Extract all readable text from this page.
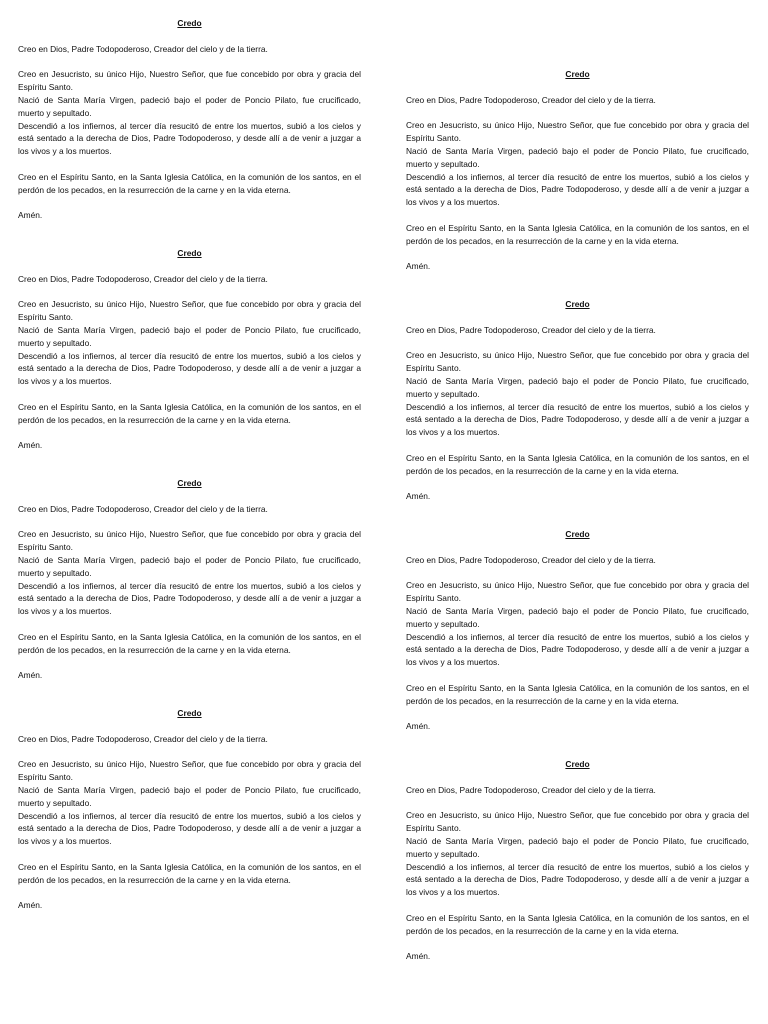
Credo
Creo en Dios, Padre Todopoderoso, Creador del cielo y de la tierra.
Creo en Jesucristo, su único Hijo, Nuestro Señor, que fue concebido por obra y gracia del Espíritu Santo.
Nació de Santa María Virgen, padeció bajo el poder de Poncio Pilato, fue crucificado, muerto y sepultado.
Descendió a los infiernos, al tercer día resucitó de entre los muertos, subió a los cielos y está sentado a la derecha de Dios, Padre Todopoderoso, y desde allí a de venir a juzgar a los vivos y a los muertos.
Creo en el Espíritu Santo, en la Santa Iglesia Católica, en la comunión de los santos, en el perdón de los pecados, en la resurrección de la carne y en la vida eterna.
Amén.
Credo
Creo en Dios, Padre Todopoderoso, Creador del cielo y de la tierra.
Creo en Jesucristo, su único Hijo, Nuestro Señor, que fue concebido por obra y gracia del Espíritu Santo.
Nació de Santa María Virgen, padeció bajo el poder de Poncio Pilato, fue crucificado, muerto y sepultado.
Descendió a los infiernos, al tercer día resucitó de entre los muertos, subió a los cielos y está sentado a la derecha de Dios, Padre Todopoderoso, y desde allí a de venir a juzgar a los vivos y a los muertos.
Creo en el Espíritu Santo, en la Santa Iglesia Católica, en la comunión de los santos, en el perdón de los pecados, en la resurrección de la carne y en la vida eterna.
Amén.
Credo
Creo en Dios, Padre Todopoderoso, Creador del cielo y de la tierra.
Creo en Jesucristo, su único Hijo, Nuestro Señor, que fue concebido por obra y gracia del Espíritu Santo.
Nació de Santa María Virgen, padeció bajo el poder de Poncio Pilato, fue crucificado, muerto y sepultado.
Descendió a los infiernos, al tercer día resucitó de entre los muertos, subió a los cielos y está sentado a la derecha de Dios, Padre Todopoderoso, y desde allí a de venir a juzgar a los vivos y a los muertos.
Creo en el Espíritu Santo, en la Santa Iglesia Católica, en la comunión de los santos, en el perdón de los pecados, en la resurrección de la carne y en la vida eterna.
Amén.
Credo
Creo en Dios, Padre Todopoderoso, Creador del cielo y de la tierra.
Creo en Jesucristo, su único Hijo, Nuestro Señor, que fue concebido por obra y gracia del Espíritu Santo.
Nació de Santa María Virgen, padeció bajo el poder de Poncio Pilato, fue crucificado, muerto y sepultado.
Descendió a los infiernos, al tercer día resucitó de entre los muertos, subió a los cielos y está sentado a la derecha de Dios, Padre Todopoderoso, y desde allí a de venir a juzgar a los vivos y a los muertos.
Creo en el Espíritu Santo, en la Santa Iglesia Católica, en la comunión de los santos, en el perdón de los pecados, en la resurrección de la carne y en la vida eterna.
Amén.
Credo
Creo en Dios, Padre Todopoderoso, Creador del cielo y de la tierra.
Creo en Jesucristo, su único Hijo, Nuestro Señor, que fue concebido por obra y gracia del Espíritu Santo.
Nació de Santa María Virgen, padeció bajo el poder de Poncio Pilato, fue crucificado, muerto y sepultado.
Descendió a los infiernos, al tercer día resucitó de entre los muertos, subió a los cielos y está sentado a la derecha de Dios, Padre Todopoderoso, y desde allí a de venir a juzgar a los vivos y a los muertos.
Creo en el Espíritu Santo, en la Santa Iglesia Católica, en la comunión de los santos, en el perdón de los pecados, en la resurrección de la carne y en la vida eterna.
Amén.
Credo
Creo en Dios, Padre Todopoderoso, Creador del cielo y de la tierra.
Creo en Jesucristo, su único Hijo, Nuestro Señor, que fue concebido por obra y gracia del Espíritu Santo.
Nació de Santa María Virgen, padeció bajo el poder de Poncio Pilato, fue crucificado, muerto y sepultado.
Descendió a los infiernos, al tercer día resucitó de entre los muertos, subió a los cielos y está sentado a la derecha de Dios, Padre Todopoderoso, y desde allí a de venir a juzgar a los vivos y a los muertos.
Creo en el Espíritu Santo, en la Santa Iglesia Católica, en la comunión de los santos, en el perdón de los pecados, en la resurrección de la carne y en la vida eterna.
Amén.
Credo
Creo en Dios, Padre Todopoderoso, Creador del cielo y de la tierra.
Creo en Jesucristo, su único Hijo, Nuestro Señor, que fue concebido por obra y gracia del Espíritu Santo.
Nació de Santa María Virgen, padeció bajo el poder de Poncio Pilato, fue crucificado, muerto y sepultado.
Descendió a los infiernos, al tercer día resucitó de entre los muertos, subió a los cielos y está sentado a la derecha de Dios, Padre Todopoderoso, y desde allí a de venir a juzgar a los vivos y a los muertos.
Creo en el Espíritu Santo, en la Santa Iglesia Católica, en la comunión de los santos, en el perdón de los pecados, en la resurrección de la carne y en la vida eterna.
Amén.
Credo
Creo en Dios, Padre Todopoderoso, Creador del cielo y de la tierra.
Creo en Jesucristo, su único Hijo, Nuestro Señor, que fue concebido por obra y gracia del Espíritu Santo.
Nació de Santa María Virgen, padeció bajo el poder de Poncio Pilato, fue crucificado, muerto y sepultado.
Descendió a los infiernos, al tercer día resucitó de entre los muertos, subió a los cielos y está sentado a la derecha de Dios, Padre Todopoderoso, y desde allí a de venir a juzgar a los vivos y a los muertos.
Creo en el Espíritu Santo, en la Santa Iglesia Católica, en la comunión de los santos, en el perdón de los pecados, en la resurrección de la carne y en la vida eterna.
Amén.
